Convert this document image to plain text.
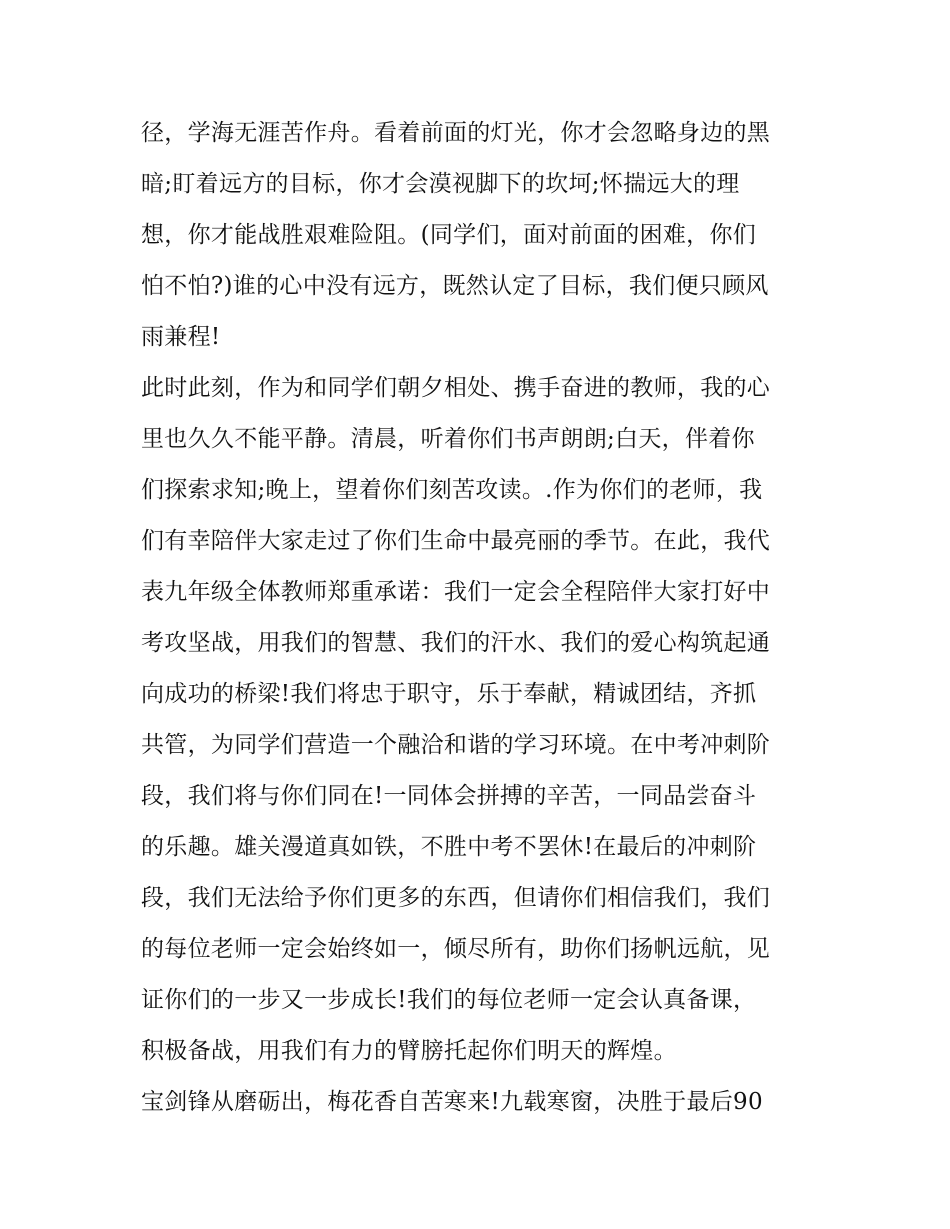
径，学海无涯苦作舟。看着前面的灯光，你才会忽略身边的黑
暗;盯着远方的目标，你才会漠视脚下的坎坷;怀揣远大的理
想，你才能战胜艰难险阻。(同学们，面对前面的困难，你们
怕不怕?)谁的心中没有远方，既然认定了目标，我们便只顾风
雨兼程!
此时此刻，作为和同学们朝夕相处、携手奋进的教师，我的心
里也久久不能平静。清晨，听着你们书声朗朗;白天，伴着你
们探索求知;晚上，望着你们刻苦攻读。.作为你们的老师，我
们有幸陪伴大家走过了你们生命中最亮丽的季节。在此，我代
表九年级全体教师郑重承诺：我们一定会全程陪伴大家打好中
考攻坚战，用我们的智慧、我们的汗水、我们的爱心构筑起通
向成功的桥梁!我们将忠于职守，乐于奉献，精诚团结，齐抓
共管，为同学们营造一个融洽和谐的学习环境。在中考冲刺阶
段，我们将与你们同在!一同体会拼搏的辛苦，一同品尝奋斗
的乐趣。雄关漫道真如铁，不胜中考不罢休!在最后的冲刺阶
段，我们无法给予你们更多的东西，但请你们相信我们，我们
的每位老师一定会始终如一，倾尽所有，助你们扬帆远航，见
证你们的一步又一步成长!我们的每位老师一定会认真备课，
积极备战，用我们有力的臂膀托起你们明天的辉煌。
宝剑锋从磨砺出，梅花香自苦寒来!九载寒窗，决胜于最后90
